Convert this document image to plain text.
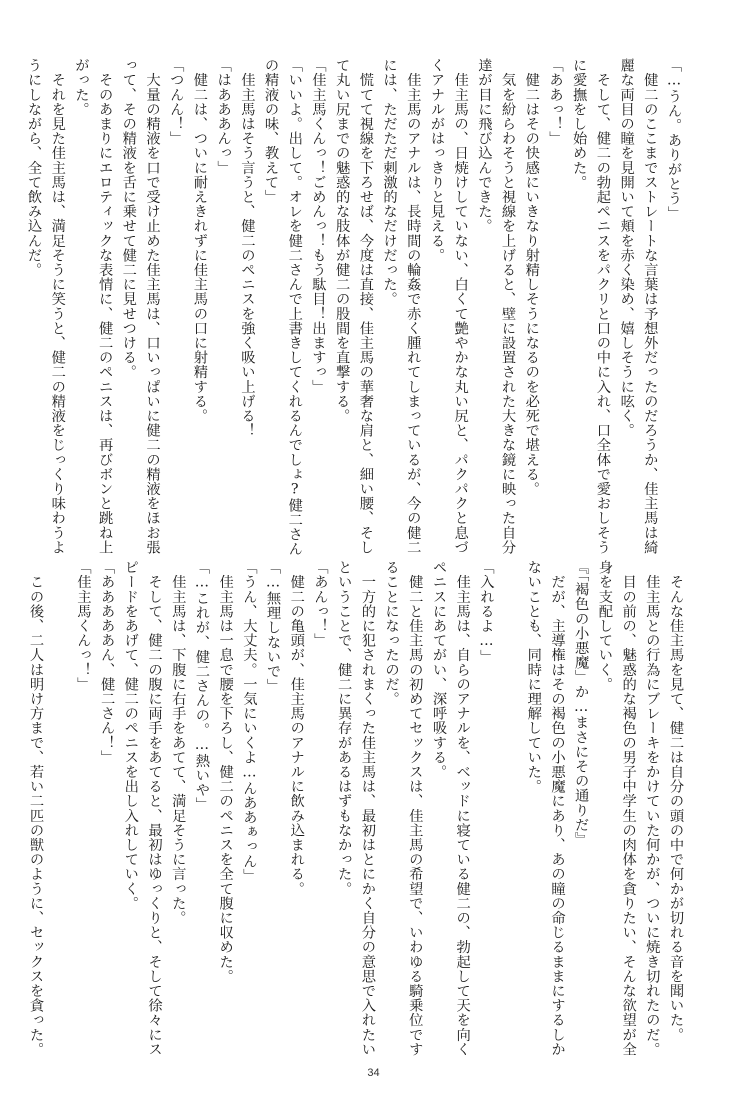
「…うん。ありがとう」

　健二のここまでストレートな言葉は予想外だったのだろうか、佳主馬は綺

麗な両目の瞳を見開いて頬を赤く染め、嬉しそうに呟く。

　そして、健二の勃起ペニスをパクリと口の中に入れ、口全体で愛おしそう

に愛撫をし始めた。

「ああっ！」

　健二はその快感にいきなり射精しそうになるのを必死で堪える。

　気を紛らわそうと視線を上げると、壁に設置された大きな鏡に映った自分

達が目に飛び込んできた。

　佳主馬の、日焼けしていない、白くて艶やかな丸い尻と、パクパクと息づ

くアナルがはっきりと見える。

　佳主馬のアナルは、長時間の輪姦で赤く腫れてしまっているが、今の健二

には、ただただ刺激的なだけだった。

　慌てて視線を下ろせば、今度は直接、佳主馬の華奢な肩と、細い腰、そし

て丸い尻までの魅惑的な肢体が健二の股間を直撃する。

「佳主馬くんっ！ごめんっ！もう駄目！出ますっ」

「いいよ。出して。オレを健二さんで上書きしてくれるんでしょ?健二さん

の精液の味、教えて」

　佳主馬はそう言うと、健二のペニスを強く吸い上げる！

「はあああんっ」

　健二は、ついに耐えきれずに佳主馬の口に射精する。

「つんん！」

　大量の精液を口で受け止めた佳主馬は、口いっぱいに健二の精液をほお張

って、その精液を舌に乗せて健二に見せつける。

　そのあまりにエロティックな表情に、健二のペニスは、再びボンと跳ね上

がった。

　それを見た佳主馬は、満足そうに笑うと、健二の精液をじっくり味わうよ

うにしながら、全て飲み込んだ。

　そんな佳主馬を見て、健二は自分の頭の中で何かが切れる音を聞いた。

　佳主馬との行為にブレーキをかけていた何かが、ついに焼き切れたのだ。

　目の前の、魅惑的な褐色の男子中学生の肉体を貪りたい、そんな欲望が全

身を支配していく。

『「褐色の小悪魔」か…まさにその通りだ』

　だが、主導権はその褐色の小悪魔にあり、あの瞳の命じるままにするしか

ないことも、同時に理解していた。

「入れるよ…」

　佳主馬は、自らのアナルを、ベッドに寝ている健二の、勃起して天を向く

ペニスにあてがい、深呼吸する。

　健二と佳主馬の初めてセックスは、佳主馬の希望で、いわゆる騎乗位です

ることになったのだ。

　一方的に犯されまくった佳主馬は、最初はとにかく自分の意思で入れたい

ということで、健二に異存があるはずもなかった。

「あんっ！」

　健二の亀頭が、佳主馬のアナルに飲み込まれる。

「…無理しないで」

「うん、大丈夫。一気にいくよ…んああぁっん」

　佳主馬は一息で腰を下ろし、健二のペニスを全て腹に収めた。

「…これが、健二さんの。…熱いや」

　佳主馬は、下腹に右手をあてて、満足そうに言った。

　そして、健二の腹に両手をあてると、最初はゆっくりと、そして徐々にス

ピードをあげて、健二のペニスを出し入れしていく。

「あああああん、健二さん！」

「佳主馬くんっ！」

　この後、二人は明け方まで、若い二匹の獣のように、セックスを貪った。

34
